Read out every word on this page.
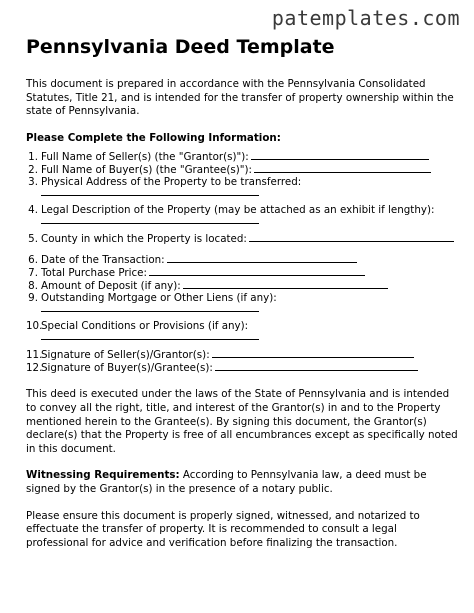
patemplates.com
Pennsylvania Deed Template

This document is prepared in accordance with the Pennsylvania Consolidated Statutes, Title 21, and is intended for the transfer of property ownership within the state of Pennsylvania.

Please Complete the Following Information:
1. Full Name of Seller(s) (the "Grantor(s)"):
2. Full Name of Buyer(s) (the "Grantee(s)"):
3. Physical Address of the Property to be transferred:
4. Legal Description of the Property (may be attached as an exhibit if lengthy):
5. County in which the Property is located:
6. Date of the Transaction:
7. Total Purchase Price:
8. Amount of Deposit (if any):
9. Outstanding Mortgage or Other Liens (if any):
10.Special Conditions or Provisions (if any):
11.Signature of Seller(s)/Grantor(s):
12.Signature of Buyer(s)/Grantee(s):

This deed is executed under the laws of the State of Pennsylvania and is intended to convey all the right, title, and interest of the Grantor(s) in and to the Property mentioned herein to the Grantee(s). By signing this document, the Grantor(s) declare(s) that the Property is free of all encumbrances except as specifically noted in this document.

Witnessing Requirements: According to Pennsylvania law, a deed must be signed by the Grantor(s) in the presence of a notary public.

Please ensure this document is properly signed, witnessed, and notarized to effectuate the transfer of property. It is recommended to consult a legal professional for advice and verification before finalizing the transaction.
